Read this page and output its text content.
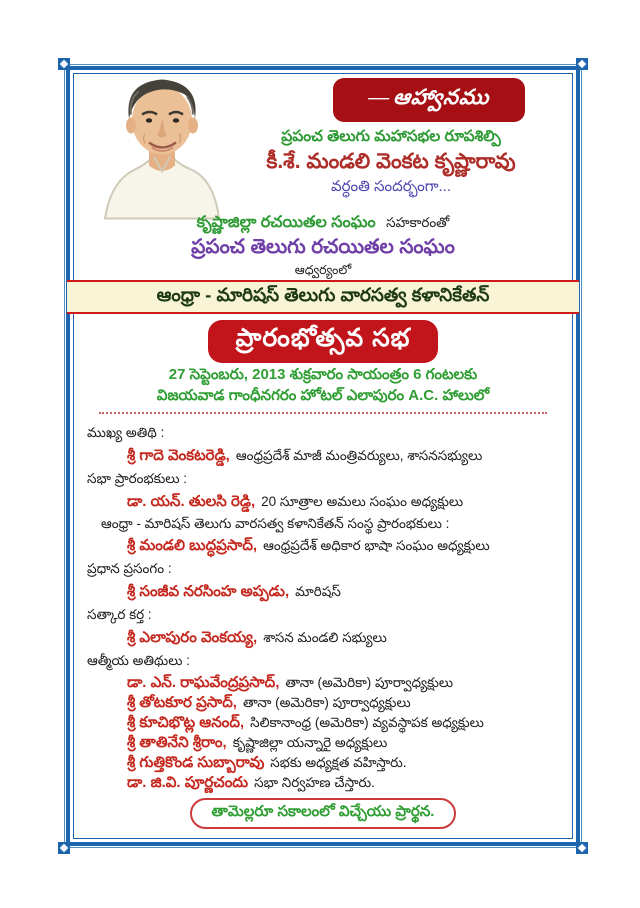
— ఆహ్వానము
ప్రపంచ తెలుగు మహాసభల రూపశిల్పి
కీ.శే. మండలి వెంకట కృష్ణారావు
వర్ధంతి సందర్భంగా...
కృష్ణాజిల్లా రచయితల సంఘం సహకారంతో
ప్రపంచ తెలుగు రచయితల సంఘం
ఆధ్వర్యంలో
ఆంధ్రా - మారిషస్ తెలుగు వారసత్వ కళానికేతన్
ప్రారంభోత్సవ సభ
27 సెప్టెంబరు, 2013 శుక్రవారం సాయంత్రం 6 గంటలకు
విజయవాడ గాంధీనగరం హోటల్ ఎలాపురం A.C. హాలులో
ముఖ్య అతిథి :
శ్రీ గాదె వెంకటరెడ్డి, ఆంధ్రప్రదేశ్ మాజీ మంత్రివర్యులు, శాసనసభ్యులు
సభా ప్రారంభకులు :
డా. యన్. తులసి రెడ్డి, 20 సూత్రాల అమలు సంఘం అధ్యక్షులు
ఆంధ్రా - మారిషస్ తెలుగు వారసత్వ కళానికేతన్ సంస్థ ప్రారంభకులు :
శ్రీ మండలి బుద్ధప్రసాద్, ఆంధ్రప్రదేశ్ అధికార భాషా సంఘం అధ్యక్షులు
ప్రధాన ప్రసంగం :
శ్రీ సంజీవ నరసింహ అప్పడు, మారిషస్
సత్కార కర్త :
శ్రీ ఎలాపురం వెంకయ్య, శాసన మండలి సభ్యులు
ఆత్మీయ అతిథులు :
డా. ఎన్. రాఘవేంద్రప్రసాద్, తానా (అమెరికా) పూర్వాధ్యక్షులు
శ్రీ తోటకూర ప్రసాద్, తానా (అమెరికా) పూర్వాధ్యక్షులు
శ్రీ కూచిభొట్ల ఆనంద్, సిలికానాంధ్ర (అమెరికా) వ్యవస్థాపక అధ్యక్షులు
శ్రీ తాతినేని శ్రీరాం, కృష్ణాజిల్లా యన్నారై అధ్యక్షులు
శ్రీ గుత్తికొండ సుబ్బారావు సభకు అధ్యక్షత వహిస్తారు.
డా. జి.వి. పూర్ణచందు సభా నిర్వహణ చేస్తారు.
తామెల్లరూ సకాలంలో విచ్చేయు ప్రార్థన.
